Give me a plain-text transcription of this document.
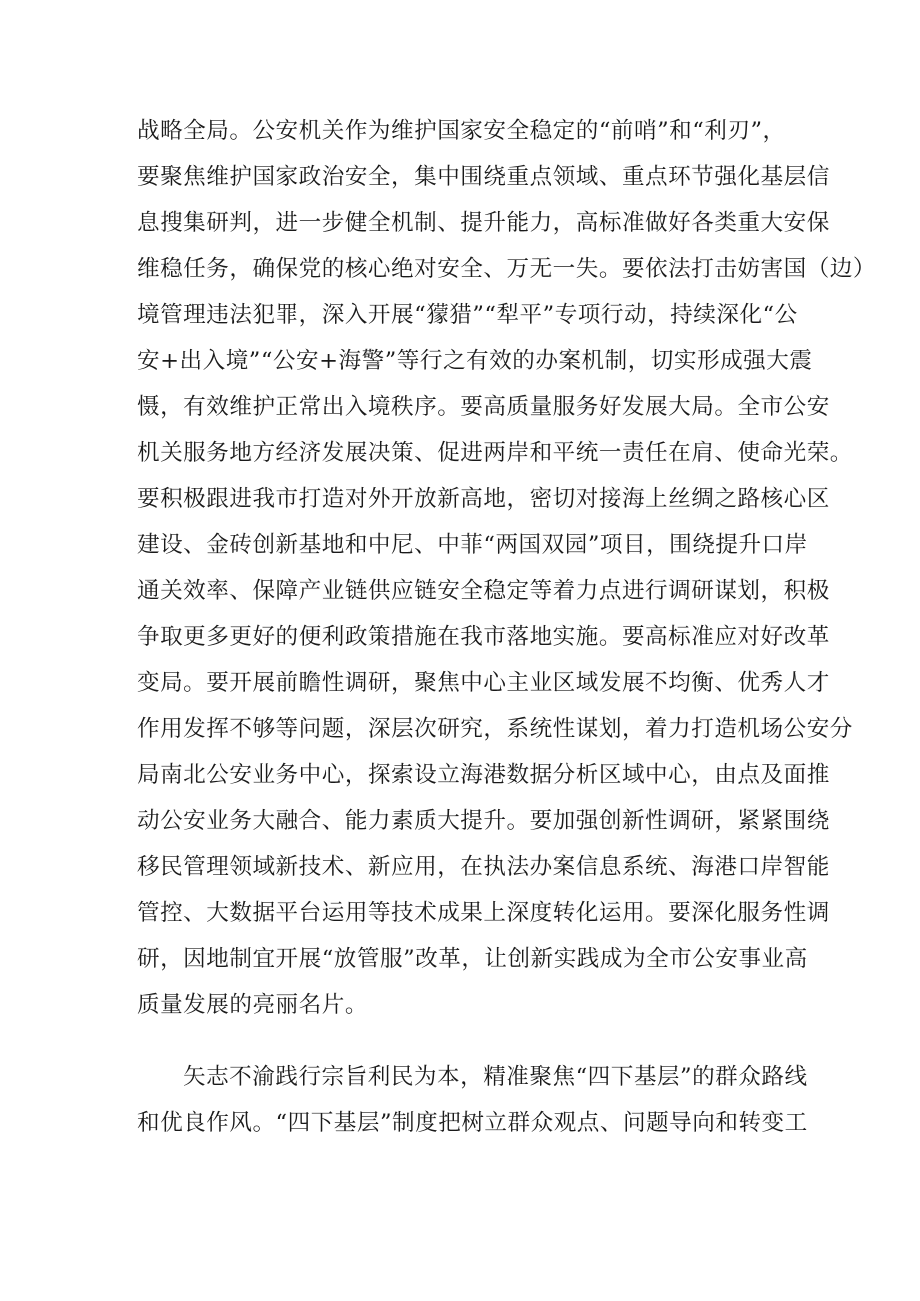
战略全局。公安机关作为维护国家安全稳定的“前哨”和“利刃”，
要聚焦维护国家政治安全，集中围绕重点领域、重点环节强化基层信
息搜集研判，进一步健全机制、提升能力，高标准做好各类重大安保
维稳任务，确保党的核心绝对安全、万无一失。要依法打击妨害国（边）
境管理违法犯罪，深入开展“獴猎”“犁平”专项行动，持续深化“公
安+出入境”“公安+海警”等行之有效的办案机制，切实形成强大震
慑，有效维护正常出入境秩序。要高质量服务好发展大局。全市公安
机关服务地方经济发展决策、促进两岸和平统一责任在肩、使命光荣。
要积极跟进我市打造对外开放新高地，密切对接海上丝绸之路核心区
建设、金砖创新基地和中尼、中菲“两国双园”项目，围绕提升口岸
通关效率、保障产业链供应链安全稳定等着力点进行调研谋划，积极
争取更多更好的便利政策措施在我市落地实施。要高标准应对好改革
变局。要开展前瞻性调研，聚焦中心主业区域发展不均衡、优秀人才
作用发挥不够等问题，深层次研究，系统性谋划，着力打造机场公安分
局南北公安业务中心，探索设立海港数据分析区域中心，由点及面推
动公安业务大融合、能力素质大提升。要加强创新性调研，紧紧围绕
移民管理领域新技术、新应用，在执法办案信息系统、海港口岸智能
管控、大数据平台运用等技术成果上深度转化运用。要深化服务性调
研，因地制宜开展“放管服”改革，让创新实践成为全市公安事业高
质量发展的亮丽名片。
矢志不渝践行宗旨利民为本，精准聚焦“四下基层”的群众路线
和优良作风。“四下基层”制度把树立群众观点、问题导向和转变工
